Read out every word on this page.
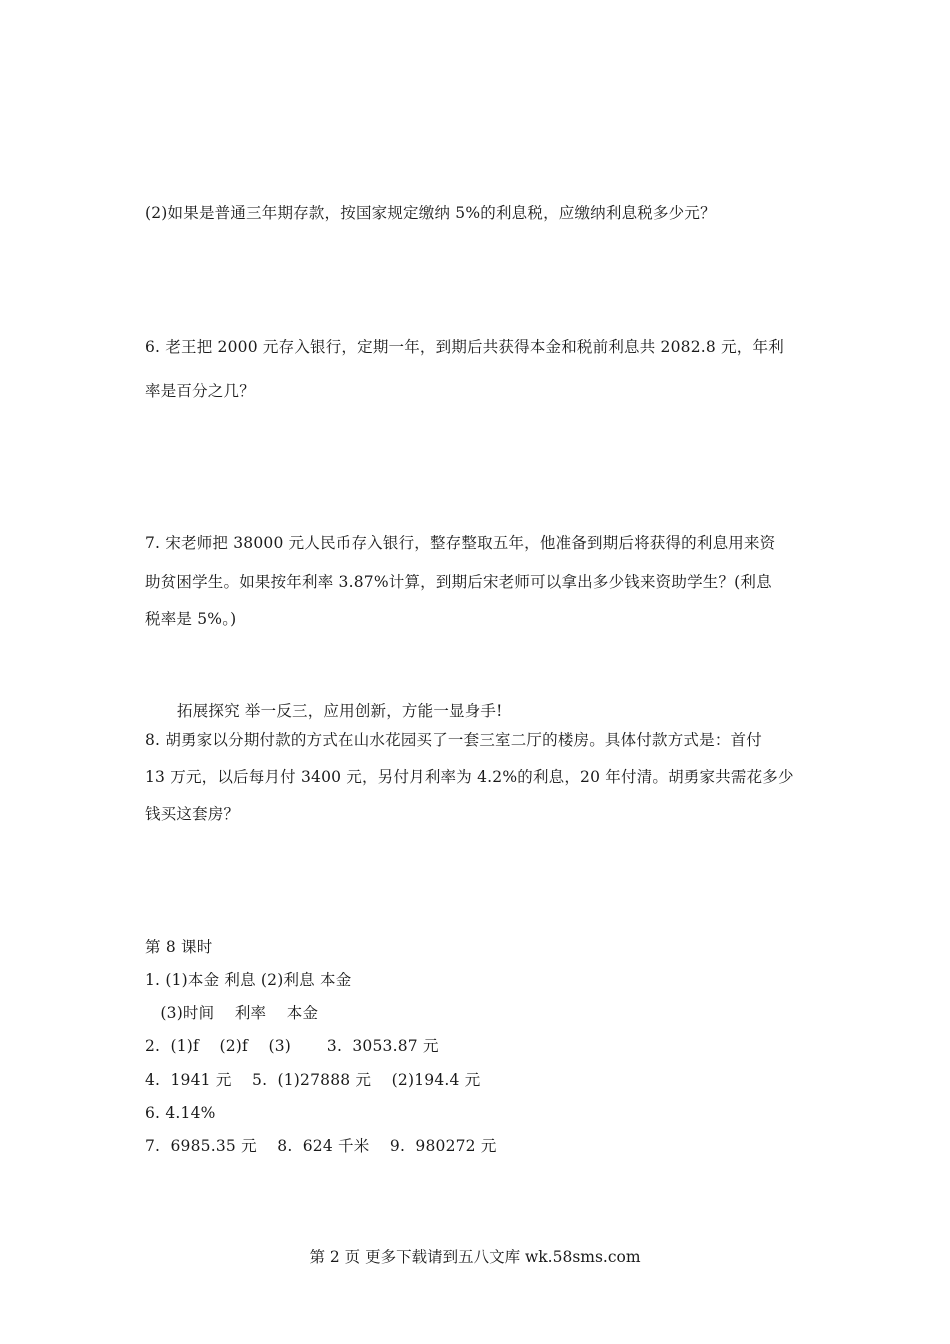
(2)如果是普通三年期存款，按国家规定缴纳 5%的利息税，应缴纳利息税多少元？
6. 老王把 2000 元存入银行，定期一年，到期后共获得本金和税前利息共 2082.8 元，年利
率是百分之几？
7. 宋老师把 38000 元人民币存入银行，整存整取五年，他准备到期后将获得的利息用来资
助贫困学生。如果按年利率 3.87%计算，到期后宋老师可以拿出多少钱来资助学生？(利息
税率是 5%。)
拓展探究 举一反三，应用创新，方能一显身手!
8. 胡勇家以分期付款的方式在山水花园买了一套三室二厅的楼房。具体付款方式是：首付
13 万元，以后每月付 3400 元，另付月利率为 4.2%的利息，20 年付清。胡勇家共需花多少
钱买这套房？
第 8 课时
1. (1)本金 利息 (2)利息 本金
(3)时间    利率    本金
2.  (1)f    (2)f    (3)       3.  3053.87 元
4.  1941 元    5.  (1)27888 元    (2)194.4 元
6. 4.14%
7.  6985.35 元    8.  624 千米    9.  980272 元
第 2 页 更多下载请到五八文库 wk.58sms.com
